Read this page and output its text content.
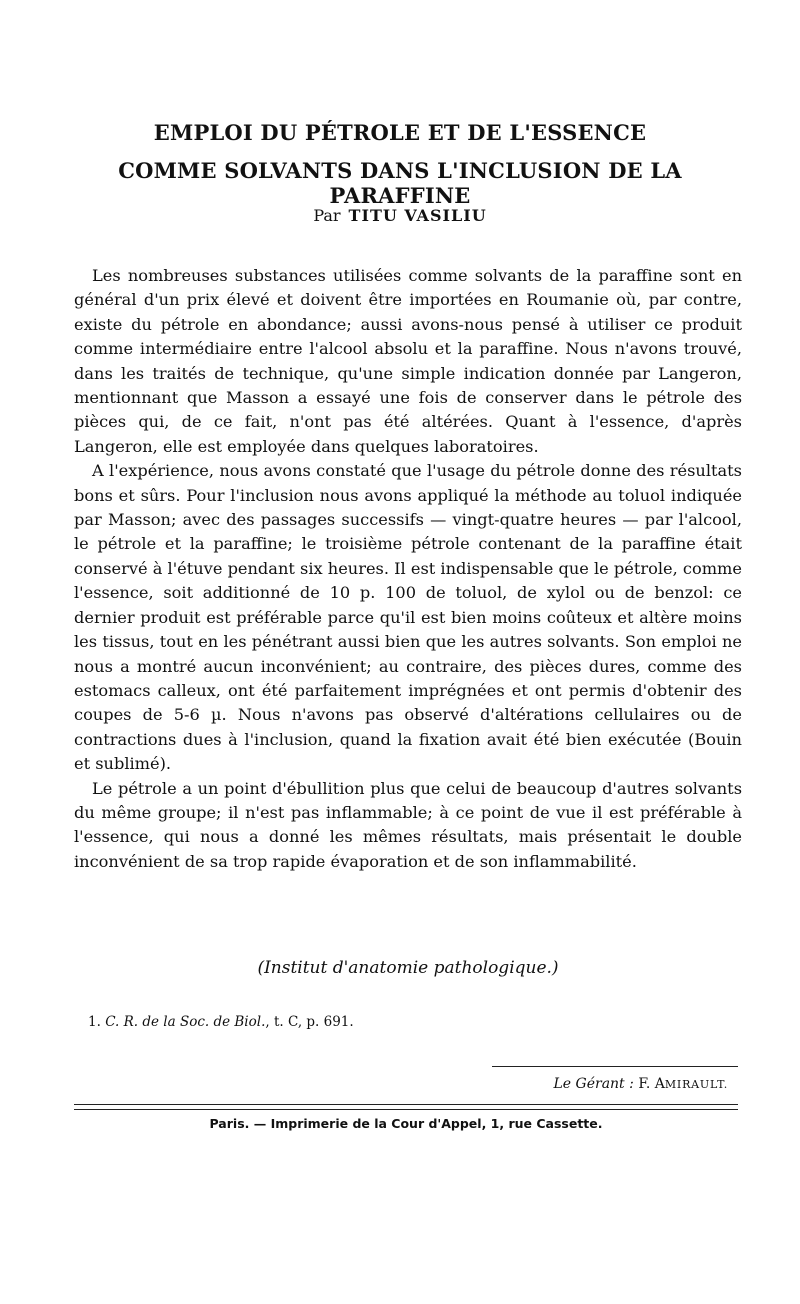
EMPLOI DU PÉTROLE ET DE L'ESSENCE
COMME SOLVANTS DANS L'INCLUSION DE LA PARAFFINE
Par TITU VASILIU

Les nombreuses substances utilisées comme solvants de la paraffine sont en général d'un prix élevé et doivent être importées en Roumanie où, par contre, existe du pétrole en abondance; aussi avons-nous pensé à utiliser ce produit comme intermédiaire entre l'alcool absolu et la paraffine. Nous n'avons trouvé, dans les traités de technique, qu'une simple indication donnée par Langeron, mentionnant que Masson a essayé une fois de conserver dans le pétrole des pièces qui, de ce fait, n'ont pas été altérées. Quant à l'essence, d'après Langeron, elle est employée dans quelques laboratoires.

A l'expérience, nous avons constaté que l'usage du pétrole donne des résultats bons et sûrs. Pour l'inclusion nous avons appliqué la méthode au toluol indiquée par Masson; avec des passages successifs — vingt-quatre heures — par l'alcool, le pétrole et la paraffine; le troisième pétrole contenant de la paraffine était conservé à l'étuve pendant six heures. Il est indispensable que le pétrole, comme l'essence, soit additionné de 10 p. 100 de toluol, de xylol ou de benzol: ce dernier produit est préférable parce qu'il est bien moins coûteux et altère moins les tissus, tout en les pénétrant aussi bien que les autres solvants. Son emploi ne nous a montré aucun inconvénient; au contraire, des pièces dures, comme des estomacs calleux, ont été parfaitement imprégnées et ont permis d'obtenir des coupes de 5-6 µ. Nous n'avons pas observé d'altérations cellulaires ou de contractions dues à l'inclusion, quand la fixation avait été bien exécutée (Bouin et sublimé).

Le pétrole a un point d'ébullition plus que celui de beaucoup d'autres solvants du même groupe; il n'est pas inflammable; à ce point de vue il est préférable à l'essence, qui nous a donné les mêmes résultats, mais présentait le double inconvénient de sa trop rapide évaporation et de son inflammabilité.

(Institut d'anatomie pathologique.)
1. C. R. de la Soc. de Biol., t. C, p. 691.
Le Gérant : F. AMIRAULT.
Paris. — Imprimerie de la Cour d'Appel, 1, rue Cassette.
